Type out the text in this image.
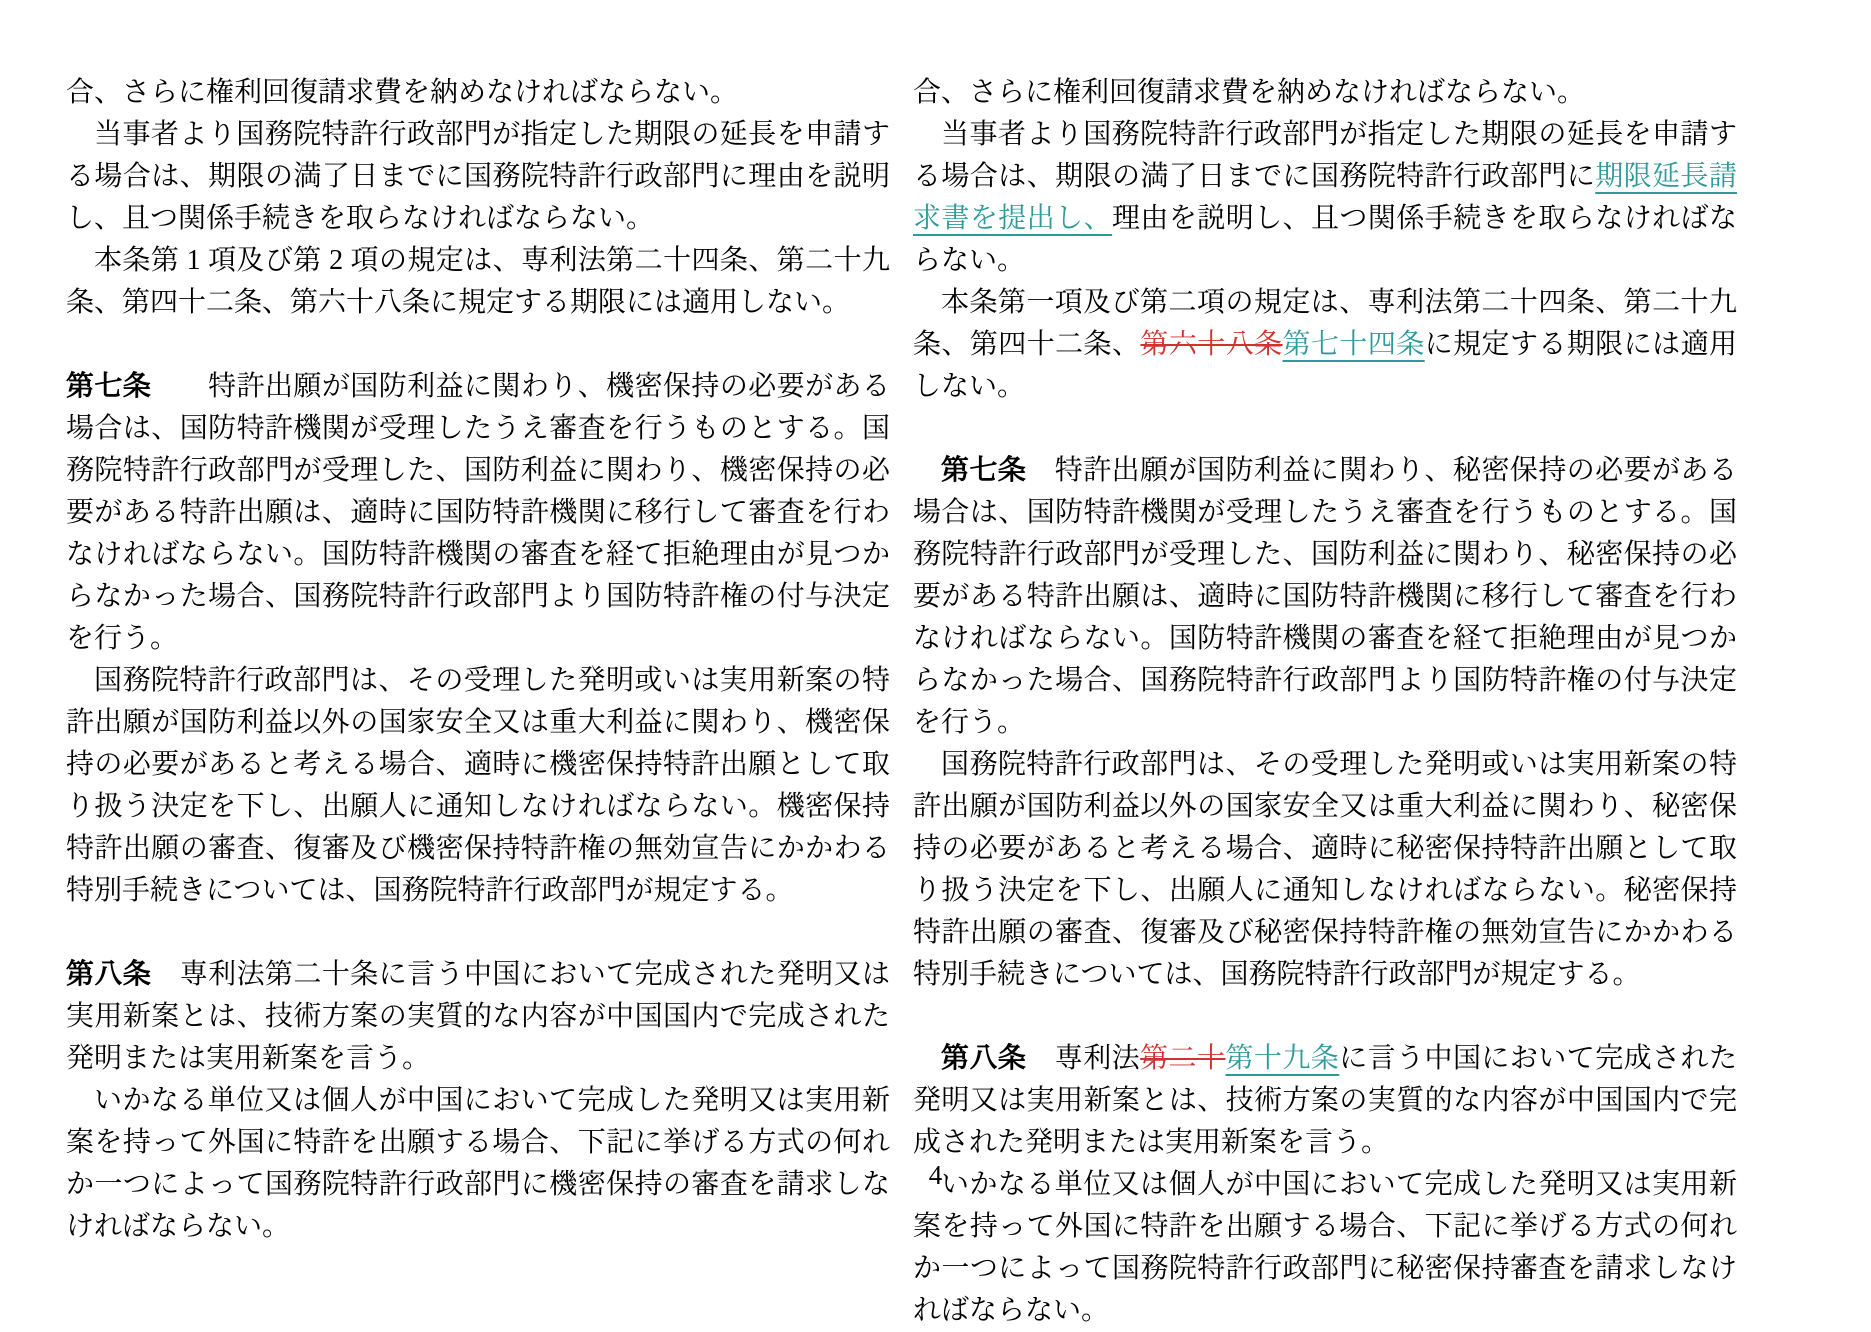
合、さらに権利回復請求費を納めなければならない。

当事者より国務院特許行政部門が指定した期限の延長を申請する場合は、期限の満了日までに国務院特許行政部門に理由を説明し、且つ関係手続きを取らなければならない。

本条第 1 項及び第 2 項の規定は、専利法第二十四条、第二十九条、第四十二条、第六十八条に規定する期限には適用しない。

第七条　　特許出願が国防利益に関わり、機密保持の必要がある場合は、国防特許機関が受理したうえ審査を行うものとする。国務院特許行政部門が受理した、国防利益に関わり、機密保持の必要がある特許出願は、適時に国防特許機関に移行して審査を行わなければならない。国防特許機関の審査を経て拒絶理由が見つからなかった場合、国務院特許行政部門より国防特許権の付与決定を行う。

国務院特許行政部門は、その受理した発明或いは実用新案の特許出願が国防利益以外の国家安全又は重大利益に関わり、機密保持の必要があると考える場合、適時に機密保持特許出願として取り扱う決定を下し、出願人に通知しなければならない。機密保持特許出願の審査、復審及び機密保持特許権の無効宣告にかかわる特別手続きについては、国務院特許行政部門が規定する。

第八条　専利法第二十条に言う中国において完成された発明又は実用新案とは、技術方案の実質的な内容が中国国内で完成された発明または実用新案を言う。

いかなる単位又は個人が中国において完成した発明又は実用新案を持って外国に特許を出願する場合、下記に挙げる方式の何れか一つによって国務院特許行政部門に機密保持の審査を請求しなければならない。

合、さらに権利回復請求費を納めなければならない。

当事者より国務院特許行政部門が指定した期限の延長を申請する場合は、期限の満了日までに国務院特許行政部門に期限延長請求書を提出し、理由を説明し、且つ関係手続きを取らなければならない。

本条第一項及び第二項の規定は、専利法第二十四条、第二十九条、第四十二条、第六十八条第七十四条に規定する期限には適用しない。

第七条　特許出願が国防利益に関わり、秘密保持の必要がある場合は、国防特許機関が受理したうえ審査を行うものとする。国務院特許行政部門が受理した、国防利益に関わり、秘密保持の必要がある特許出願は、適時に国防特許機関に移行して審査を行わなければならない。国防特許機関の審査を経て拒絶理由が見つからなかった場合、国務院特許行政部門より国防特許権の付与決定を行う。

国務院特許行政部門は、その受理した発明或いは実用新案の特許出願が国防利益以外の国家安全又は重大利益に関わり、秘密保持の必要があると考える場合、適時に秘密保持特許出願として取り扱う決定を下し、出願人に通知しなければならない。秘密保持特許出願の審査、復審及び秘密保持特許権の無効宣告にかかわる特別手続きについては、国務院特許行政部門が規定する。

第八条　専利法第二十第十九条に言う中国において完成された発明又は実用新案とは、技術方案の実質的な内容が中国国内で完成された発明または実用新案を言う。

いかなる単位又は個人が中国において完成した発明又は実用新案を持って外国に特許を出願する場合、下記に挙げる方式の何れか一つによって国務院特許行政部門に秘密保持審査を請求しなければならない。

4
